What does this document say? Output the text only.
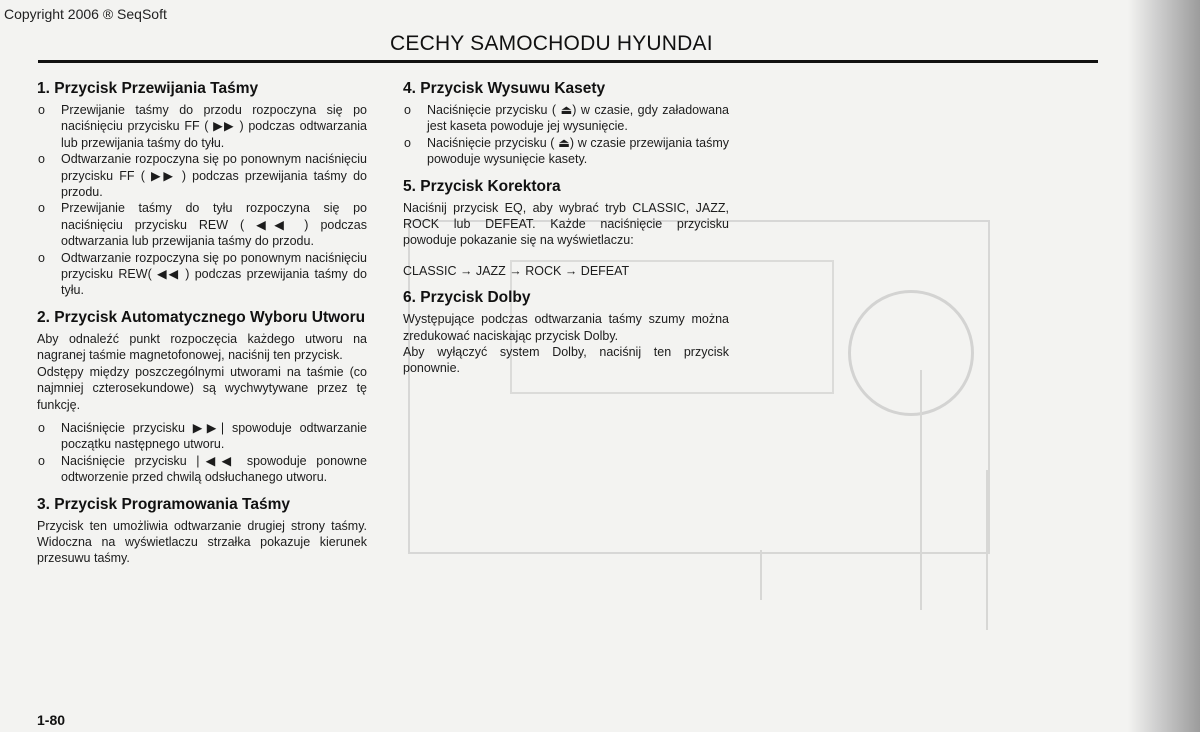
Copyright 2006 ® SeqSoft
CECHY SAMOCHODU HYUNDAI
1. Przycisk Przewijania Taśmy
o Przewijanie taśmy do przodu rozpoczyna się po naciśnięciu przycisku FF ( ▶▶ ) podczas odtwarzania lub przewijania taśmy do tyłu.
o Odtwarzanie rozpoczyna się po ponownym naciśnięciu przycisku FF ( ▶▶ ) podczas przewijania taśmy do przodu.
o Przewijanie taśmy do tyłu rozpoczyna się po naciśnięciu przycisku REW ( ◀◀ ) podczas odtwarzania lub przewijania taśmy do przodu.
o Odtwarzanie rozpoczyna się po ponownym naciśnięciu przycisku REW( ◀◀ ) podczas przewijania taśmy do tyłu.
2. Przycisk Automatycznego Wyboru Utworu
Aby odnaleźć punkt rozpoczęcia każdego utworu na nagranej taśmie magnetofonowej, naciśnij ten przycisk.
Odstępy między poszczególnymi utworami na taśmie (co najmniej czterosekundowe) są wychwytywane przez tę funkcję.
o Naciśnięcie przycisku ▶▶| spowoduje odtwarzanie początku następnego utworu.
o Naciśnięcie przycisku |◀◀ spowoduje ponowne odtworzenie przed chwilą odsłuchanego utworu.
3. Przycisk Programowania Taśmy
Przycisk ten umożliwia odtwarzanie drugiej strony taśmy. Widoczna na wyświetlaczu strzałka pokazuje kierunek przesuwu taśmy.
4. Przycisk Wysuwu Kasety
o Naciśnięcie przycisku ( ⏏) w czasie, gdy załadowana jest kaseta powoduje jej wysunięcie.
o Naciśnięcie przycisku ( ⏏) w czasie przewijania taśmy powoduje wysunięcie kasety.
5. Przycisk Korektora
Naciśnij przycisk EQ, aby wybrać tryb CLASSIC, JAZZ, ROCK lub DEFEAT. Każde naciśnięcie przycisku powoduje pokazanie się na wyświetlaczu:
CLASSIC → JAZZ → ROCK → DEFEAT
6. Przycisk Dolby
Występujące podczas odtwarzania taśmy szumy można zredukować naciskając przycisk Dolby.
Aby wyłączyć system Dolby, naciśnij ten przycisk ponownie.
1-80
